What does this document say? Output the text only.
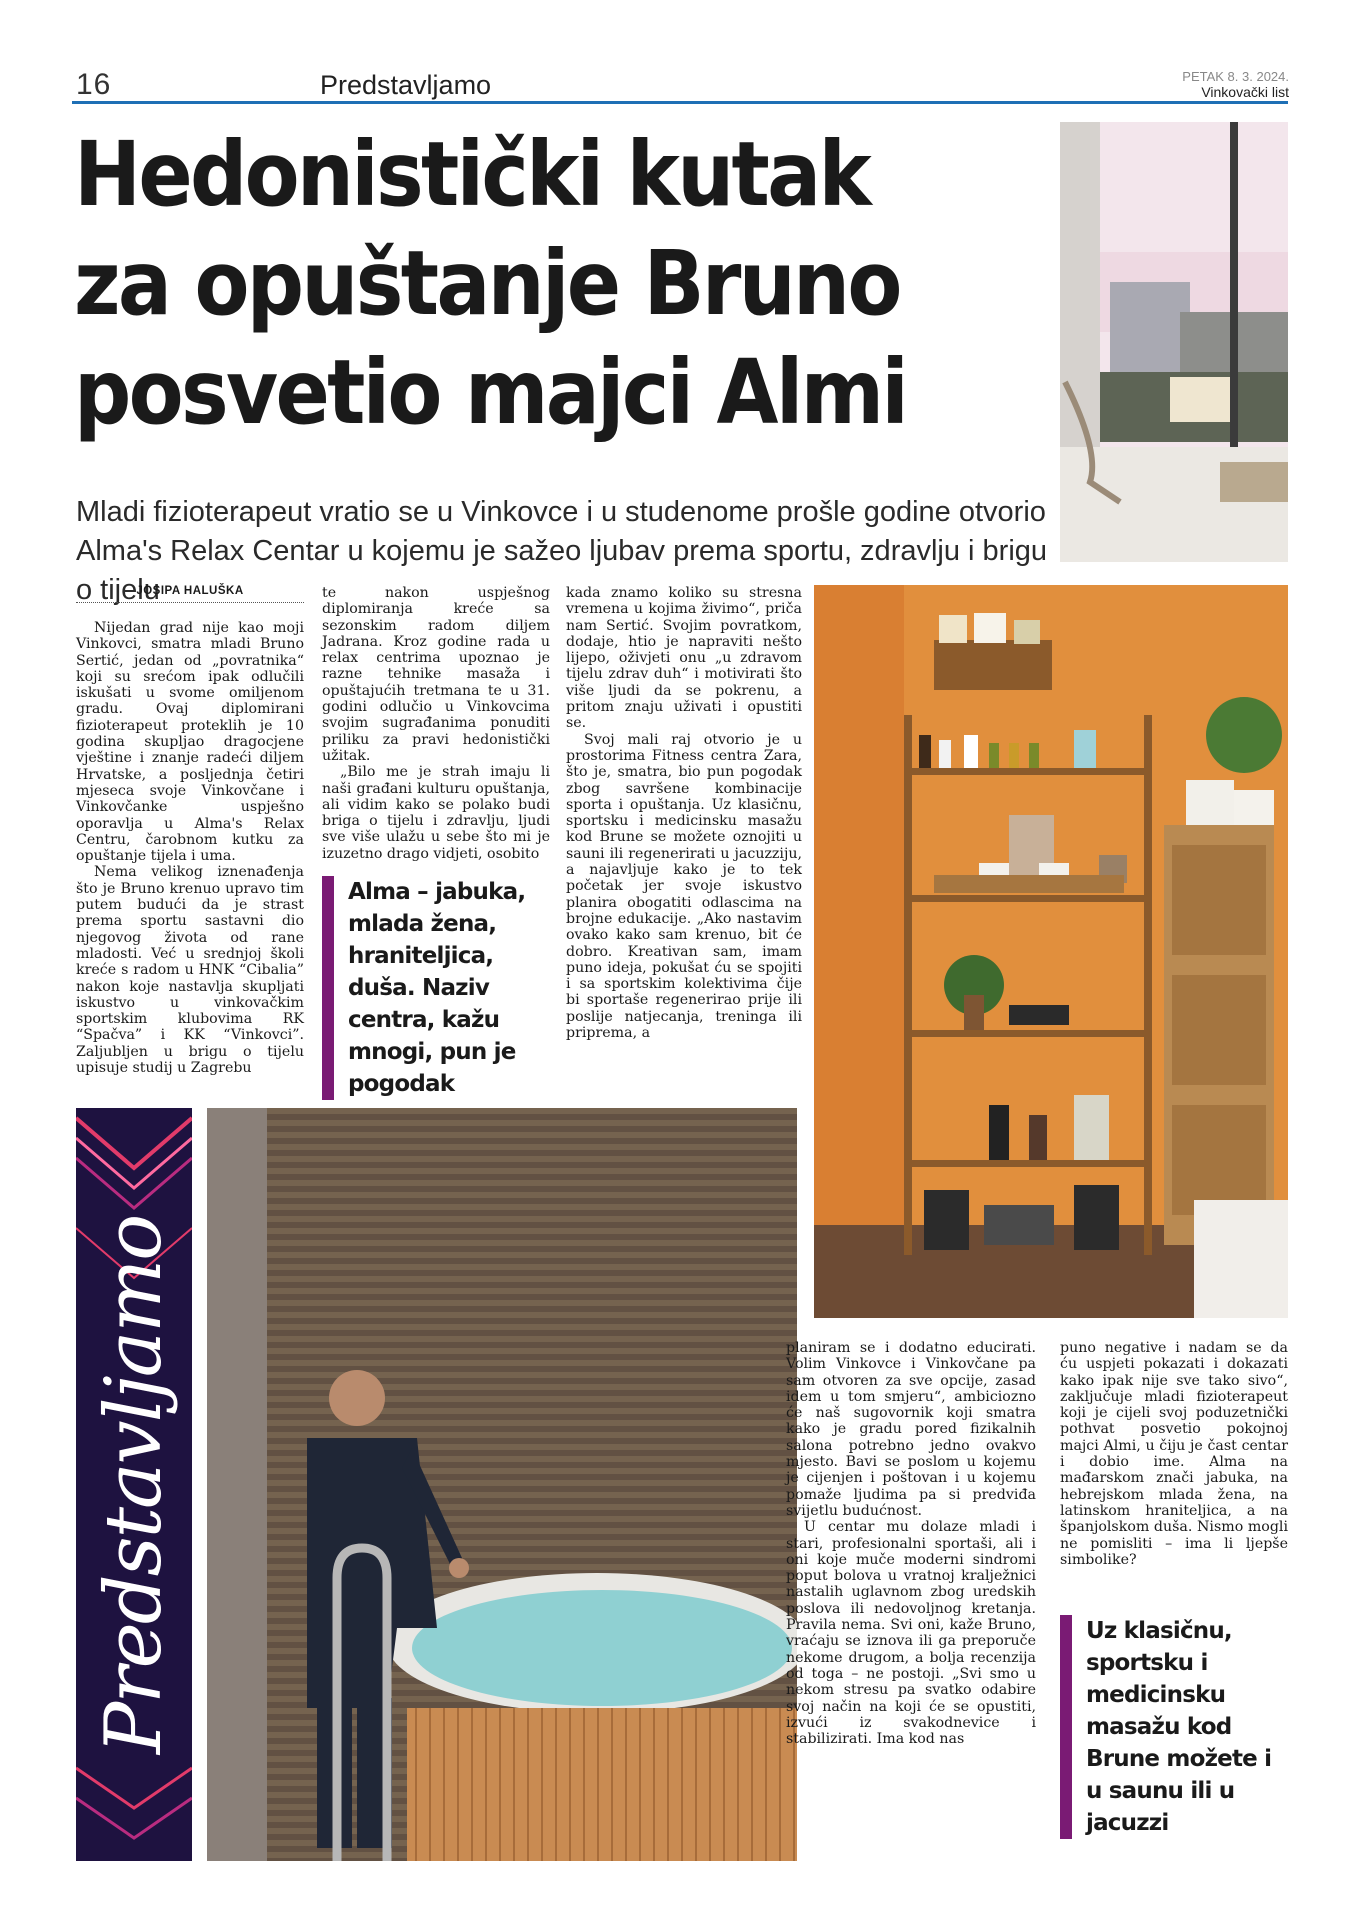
16	Predstavljamo	PETAK 8. 3. 2024.
Vinkovački list
Hedonistički kutak
za opuštanje Bruno
posvetio majci Almi
Mladi fizioterapeut vratio se u Vinkovce i u studenome prošle godine otvorio Alma's Relax Centar u kojemu je sažeo ljubav prema sportu, zdravlju i brigu o tijelu
JOSIPA HALUŠKA
Predstavljamo

Nijedan grad nije kao moji Vinkovci, smatra mladi Bruno Sertić, jedan od „povratnika“ koji su srećom ipak odlučili iskušati u svome omiljenom gradu. Ovaj diplomirani fizioterapeut proteklih je 10 godina skupljao dragocjene vještine i znanje radeći diljem Hrvatske, a posljednja četiri mjeseca svoje Vinkovčane i Vinkovčanke uspješno oporavlja u Alma's Relax Centru, čarobnom kutku za opuštanje tijela i uma.

Nema velikog iznenađenja što je Bruno krenuo upravo tim putem budući da je strast prema sportu sastavni dio njegovog života od rane mladosti. Već u srednjoj školi kreće s radom u HNK “Cibalia” nakon koje nastavlja skupljati iskustvo u vinkovačkim sportskim klubovima RK “Spačva” i KK “Vinkovci”. Zaljubljen u brigu o tijelu upisuje studij u Zagrebu

te nakon uspješnog diplomiranja kreće sa sezonskim radom diljem Jadrana. Kroz godine rada u relax centrima upoznao je razne tehnike masaža i opuštajućih tretmana te u 31. godini odlučio u Vinkovcima svojim sugrađanima ponuditi priliku za pravi hedonistički užitak.

„Bilo me je strah imaju li naši građani kulturu opuštanja, ali vidim kako se polako budi briga o tijelu i zdravlju, ljudi sve više ulažu u sebe što mi je izuzetno drago vidjeti, osobito

Alma – jabuka, mlada žena, hraniteljica, duša. Naziv centra, kažu mnogi, pun je pogodak

kada znamo koliko su stresna vremena u kojima živimo“, priča nam Sertić. Svojim povratkom, dodaje, htio je napraviti nešto lijepo, oživjeti onu „u zdravom tijelu zdrav duh“ i motivirati što više ljudi da se pokrenu, a pritom znaju uživati i opustiti se.

Svoj mali raj otvorio je u prostorima Fitness centra Zara, što je, smatra, bio pun pogodak zbog savršene kombinacije sporta i opuštanja. Uz klasičnu, sportsku i medicinsku masažu kod Brune se možete oznojiti u sauni ili regenerirati u jacuzziju, a najavljuje kako je to tek početak jer svoje iskustvo planira obogatiti odlascima na brojne edukacije. „Ako nastavim ovako kako sam krenuo, bit će dobro. Kreativan sam, imam puno ideja, pokušat ću se spojiti i sa sportskim kolektivima čije bi sportaše regenerirao prije ili poslije natjecanja, treninga ili priprema, a

planiram se i dodatno educirati. Volim Vinkovce i Vinkovčane pa sam otvoren za sve opcije, zasad idem u tom smjeru“, ambiciozno će naš sugovornik koji smatra kako je gradu pored fizikalnih salona potrebno jedno ovakvo mjesto. Bavi se poslom u kojemu je cijenjen i poštovan i u kojemu pomaže ljudima pa si predviđa svijetlu budućnost.

U centar mu dolaze mladi i stari, profesionalni sportaši, ali i oni koje muče moderni sindromi poput bolova u vratnoj kralježnici nastalih uglavnom zbog uredskih poslova ili nedovoljnog kretanja. Pravila nema. Svi oni, kaže Bruno, vraćaju se iznova ili ga preporuče nekome drugom, a bolja recenzija od toga – ne postoji. „Svi smo u nekom stresu pa svatko odabire svoj način na koji će se opustiti, izvući iz svakodnevice i stabilizirati. Ima kod nas

puno negative i nadam se da ću uspjeti pokazati i dokazati kako ipak nije sve tako sivo“, zaključuje mladi fizioterapeut koji je cijeli svoj poduzetnički pothvat posvetio pokojnoj majci Almi, u čiju je čast centar i dobio ime. Alma na mađarskom znači jabuka, na hebrejskom mlada žena, na latinskom hraniteljica, a na španjolskom duša. Nismo mogli ne pomisliti – ima li ljepše simbolike?

Uz klasičnu, sportsku i medicinsku masažu kod Brune možete i u saunu ili u jacuzzi
